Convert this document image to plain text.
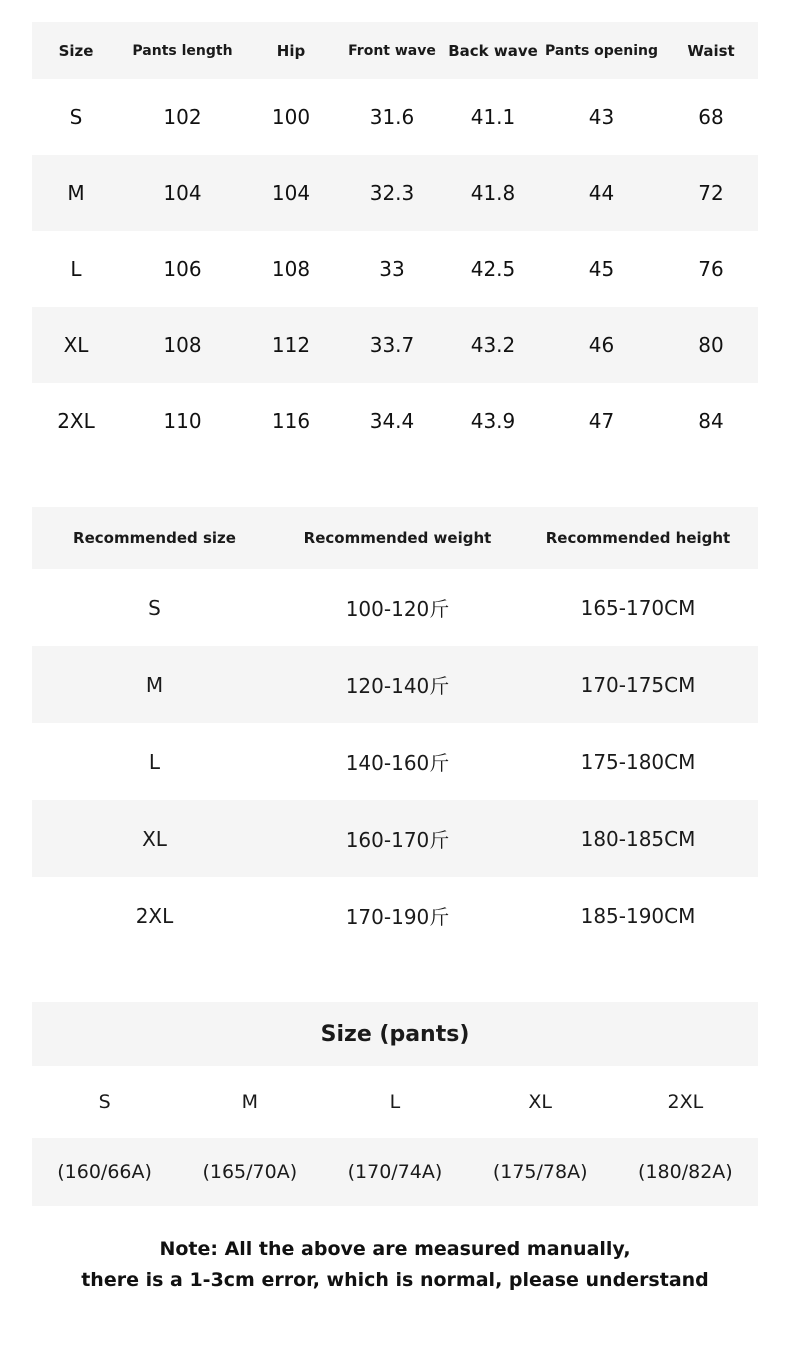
Size	Pants length	Hip	Front wave	Back wave	Pants opening	Waist
S	102	100	31.6	41.1	43	68
M	104	104	32.3	41.8	44	72
L	106	108	33	42.5	45	76
XL	108	112	33.7	43.2	46	80
2XL	110	116	34.4	43.9	47	84
Recommended size	Recommended weight	Recommended height
S	100-120斤	165-170CM
M	120-140斤	170-175CM
L	140-160斤	175-180CM
XL	160-170斤	180-185CM
2XL	170-190斤	185-190CM
Size (pants)				
S	M	L	XL	2XL
(160/66A)	(165/70A)	(170/74A)	(175/78A)	(180/82A)
Note: All the above are measured manually,
there is a 1-3cm error, which is normal, please understand
